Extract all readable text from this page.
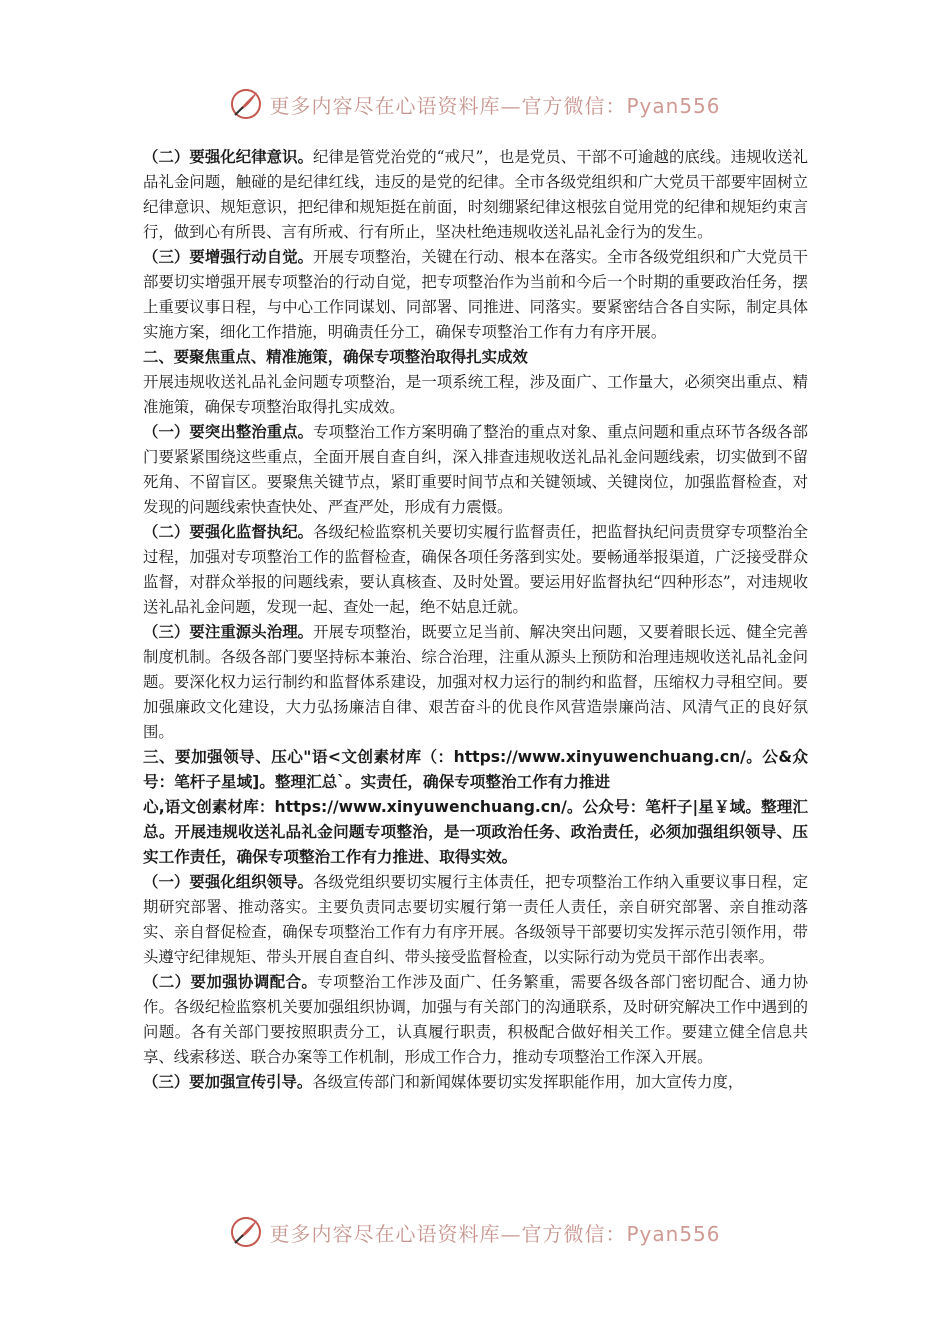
更多内容尽在心语资料库—官方微信：Pyan556

（二）要强化纪律意识。纪律是管党治党的“戒尺”，也是党员、干部不可逾越的底线。违规收送礼品礼金问题，触碰的是纪律红线，违反的是党的纪律。全市各级党组织和广大党员干部要牢固树立纪律意识、规矩意识，把纪律和规矩挺在前面，时刻绷紧纪律这根弦自觉用党的纪律和规矩约束言行，做到心有所畏、言有所戒、行有所止，坚决杜绝违规收送礼品礼金行为的发生。

（三）要增强行动自觉。开展专项整治，关键在行动、根本在落实。全市各级党组织和广大党员干部要切实增强开展专项整治的行动自觉，把专项整治作为当前和今后一个时期的重要政治任务，摆上重要议事日程，与中心工作同谋划、同部署、同推进、同落实。要紧密结合各自实际，制定具体实施方案，细化工作措施，明确责任分工，确保专项整治工作有力有序开展。

二、要聚焦重点、精准施策，确保专项整治取得扎实成效

开展违规收送礼品礼金问题专项整治，是一项系统工程，涉及面广、工作量大，必须突出重点、精准施策，确保专项整治取得扎实成效。

（一）要突出整治重点。专项整治工作方案明确了整治的重点对象、重点问题和重点环节各级各部门要紧紧围绕这些重点，全面开展自查自纠，深入排查违规收送礼品礼金问题线索，切实做到不留死角、不留盲区。要聚焦关键节点，紧盯重要时间节点和关键领域、关键岗位，加强监督检查，对发现的问题线索快查快处、严查严处，形成有力震慑。

（二）要强化监督执纪。各级纪检监察机关要切实履行监督责任，把监督执纪问责贯穿专项整治全过程，加强对专项整治工作的监督检查，确保各项任务落到实处。要畅通举报渠道，广泛接受群众监督，对群众举报的问题线索，要认真核查、及时处置。要运用好监督执纪“四种形态”，对违规收送礼品礼金问题，发现一起、查处一起，绝不姑息迁就。

（三）要注重源头治理。开展专项整治，既要立足当前、解决突出问题，又要着眼长远、健全完善制度机制。各级各部门要坚持标本兼治、综合治理，注重从源头上预防和治理违规收送礼品礼金问题。要深化权力运行制约和监督体系建设，加强对权力运行的制约和监督，压缩权力寻租空间。要加强廉政文化建设，大力弘扬廉洁自律、艰苦奋斗的优良作风营造崇廉尚洁、风清气正的良好氛围。

三、要加强领导、压心"语<文创素材库（：https://www.xinyuwenchuang.cn/。公&众号：笔杆子星域]。整理汇总`。实责任，确保专项整治工作有力推进

心,语文创素材库：https://www.xinyuwenchuang.cn/。公众号：笔杆子|星￥域。整理汇总。开展违规收送礼品礼金问题专项整治，是一项政治任务、政治责任，必须加强组织领导、压实工作责任，确保专项整治工作有力推进、取得实效。

（一）要强化组织领导。各级党组织要切实履行主体责任，把专项整治工作纳入重要议事日程，定期研究部署、推动落实。主要负责同志要切实履行第一责任人责任，亲自研究部署、亲自推动落实、亲自督促检查，确保专项整治工作有力有序开展。各级领导干部要切实发挥示范引领作用，带头遵守纪律规矩、带头开展自查自纠、带头接受监督检查，以实际行动为党员干部作出表率。

（二）要加强协调配合。专项整治工作涉及面广、任务繁重，需要各级各部门密切配合、通力协作。各级纪检监察机关要加强组织协调，加强与有关部门的沟通联系，及时研究解决工作中遇到的问题。各有关部门要按照职责分工，认真履行职责，积极配合做好相关工作。要建立健全信息共享、线索移送、联合办案等工作机制，形成工作合力，推动专项整治工作深入开展。

（三）要加强宣传引导。各级宣传部门和新闻媒体要切实发挥职能作用，加大宣传力度，

更多内容尽在心语资料库—官方微信：Pyan556
